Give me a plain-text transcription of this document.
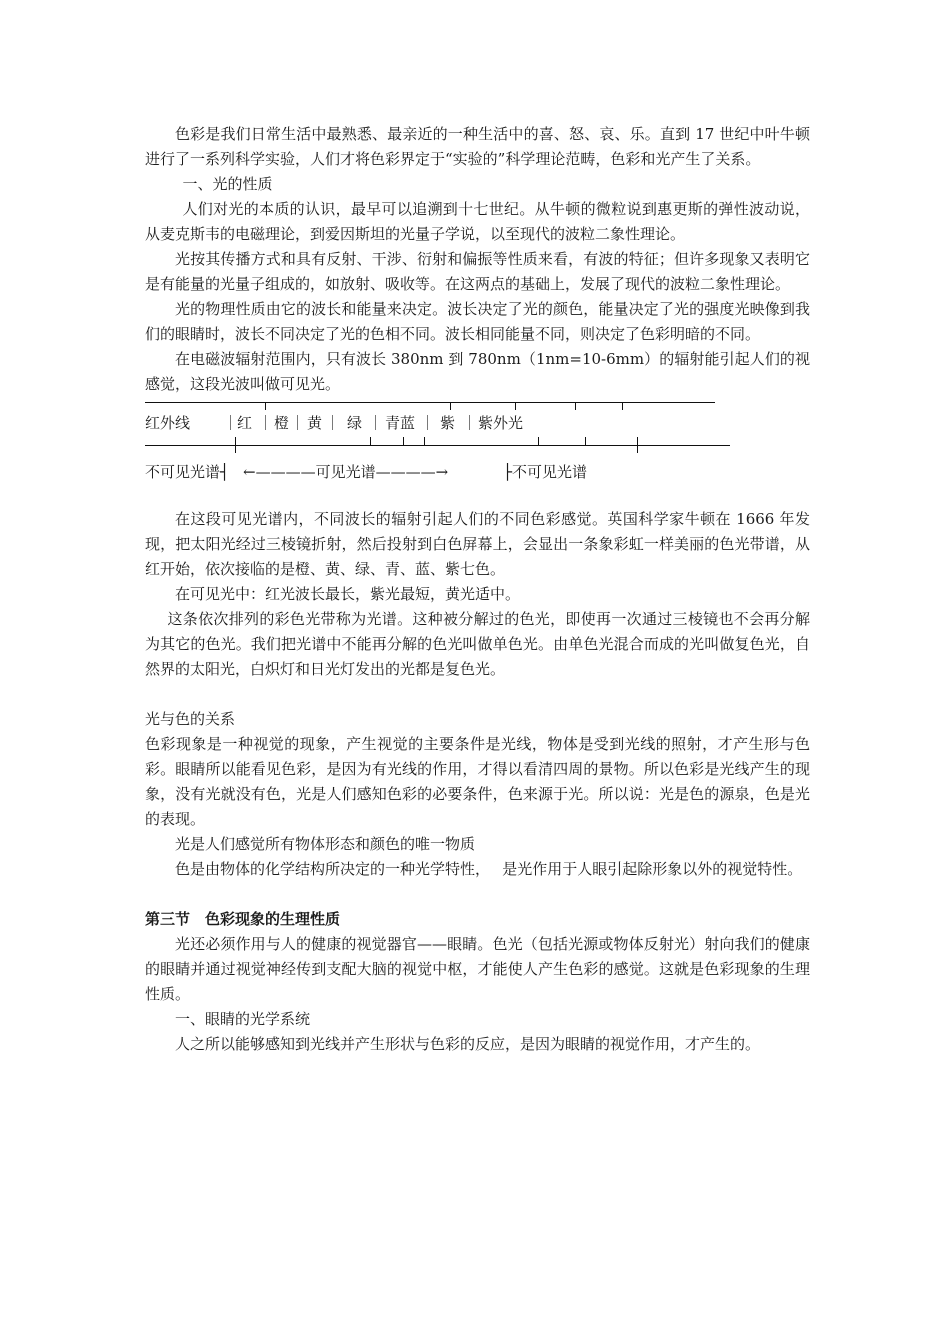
色彩是我们日常生活中最熟悉、最亲近的一种生活中的喜、怒、哀、乐。直到 17 世纪中叶牛顿进行了一系列科学实验，人们才将色彩界定于“实验的”科学理论范畴，色彩和光产生了关系。

一、光的性质

人们对光的本质的认识，最早可以追溯到十七世纪。从牛顿的微粒说到惠更斯的弹性波动说，从麦克斯韦的电磁理论，到爱因斯坦的光量子学说，以至现代的波粒二象性理论。

光按其传播方式和具有反射、干涉、衍射和偏振等性质来看，有波的特征；但许多现象又表明它是有能量的光量子组成的，如放射、吸收等。在这两点的基础上，发展了现代的波粒二象性理论。

光的物理性质由它的波长和能量来决定。波长决定了光的颜色，能量决定了光的强度光映像到我们的眼睛时，波长不同决定了光的色相不同。波长相同能量不同，则决定了色彩明暗的不同。

在电磁波辐射范围内，只有波长 380nm 到 780nm（1nm=10-6mm）的辐射能引起人们的视感觉，这段光波叫做可见光。

红外线 ｜
红 ｜ 橙 ｜ 黄 ｜ 绿 ｜ 青蓝 ｜ 紫 ｜ 紫外光
不可见光谱┤ ←————可见光谱————→	├不可见光谱

在这段可见光谱内，不同波长的辐射引起人们的不同色彩感觉。英国科学家牛顿在 1666 年发现，把太阳光经过三棱镜折射，然后投射到白色屏幕上，会显出一条象彩虹一样美丽的色光带谱，从红开始，依次接临的是橙、黄、绿、青、蓝、紫七色。

在可见光中：红光波长最长，紫光最短，黄光适中。

这条依次排列的彩色光带称为光谱。这种被分解过的色光，即使再一次通过三棱镜也不会再分解为其它的色光。我们把光谱中不能再分解的色光叫做单色光。由单色光混合而成的光叫做复色光，自然界的太阳光，白炽灯和日光灯发出的光都是复色光。

光与色的关系

色彩现象是一种视觉的现象，产生视觉的主要条件是光线，物体是受到光线的照射，才产生形与色彩。眼睛所以能看见色彩，是因为有光线的作用，才得以看清四周的景物。所以色彩是光线产生的现象，没有光就没有色，光是人们感知色彩的必要条件，色来源于光。所以说：光是色的源泉，色是光的表现。

光是人们感觉所有物体形态和颜色的唯一物质

色是由物体的化学结构所决定的一种光学特性，　 是光作用于人眼引起除形象以外的视觉特性。

第三节　色彩现象的生理性质

光还必须作用与人的健康的视觉器官——眼睛。色光（包括光源或物体反射光）射向我们的健康的眼睛并通过视觉神经传到支配大脑的视觉中枢，才能使人产生色彩的感觉。这就是色彩现象的生理性质。

一、眼睛的光学系统

人之所以能够感知到光线并产生形状与色彩的反应，是因为眼睛的视觉作用，才产生的。
